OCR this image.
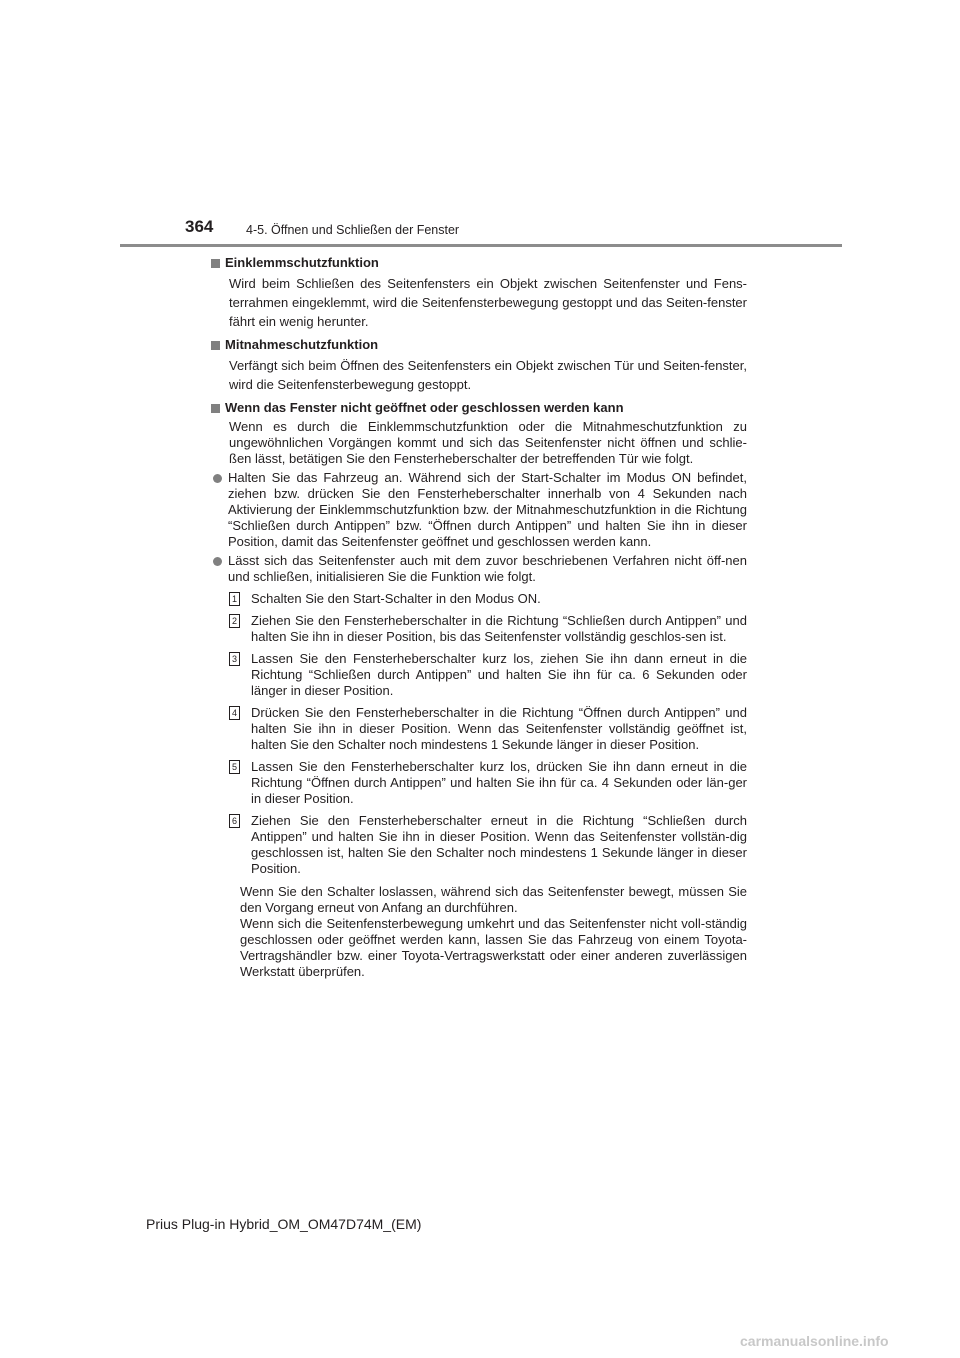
364	4-5. Öffnen und Schließen der Fenster
Einklemmschutzfunktion
Wird beim Schließen des Seitenfensters ein Objekt zwischen Seitenfenster und Fens-terrahmen eingeklemmt, wird die Seitenfensterbewegung gestoppt und das Seiten-fenster fährt ein wenig herunter.
Mitnahmeschutzfunktion
Verfängt sich beim Öffnen des Seitenfensters ein Objekt zwischen Tür und Seiten-fenster, wird die Seitenfensterbewegung gestoppt.
Wenn das Fenster nicht geöffnet oder geschlossen werden kann
Wenn es durch die Einklemmschutzfunktion oder die Mitnahmeschutzfunktion zu ungewöhnlichen Vorgängen kommt und sich das Seitenfenster nicht öffnen und schlie-ßen lässt, betätigen Sie den Fensterheberschalter der betreffenden Tür wie folgt.
Halten Sie das Fahrzeug an. Während sich der Start-Schalter im Modus ON befindet, ziehen bzw. drücken Sie den Fensterheberschalter innerhalb von 4 Sekunden nach Aktivierung der Einklemmschutzfunktion bzw. der Mitnahmeschutzfunktion in die Richtung “Schließen durch Antippen” bzw. “Öffnen durch Antippen” und halten Sie ihn in dieser Position, damit das Seitenfenster geöffnet und geschlossen werden kann.
Lässt sich das Seitenfenster auch mit dem zuvor beschriebenen Verfahren nicht öff-nen und schließen, initialisieren Sie die Funktion wie folgt.
1 Schalten Sie den Start-Schalter in den Modus ON.
2 Ziehen Sie den Fensterheberschalter in die Richtung “Schließen durch Antippen” und halten Sie ihn in dieser Position, bis das Seitenfenster vollständig geschlos-sen ist.
3 Lassen Sie den Fensterheberschalter kurz los, ziehen Sie ihn dann erneut in die Richtung “Schließen durch Antippen” und halten Sie ihn für ca. 6 Sekunden oder länger in dieser Position.
4 Drücken Sie den Fensterheberschalter in die Richtung “Öffnen durch Antippen” und halten Sie ihn in dieser Position. Wenn das Seitenfenster vollständig geöffnet ist, halten Sie den Schalter noch mindestens 1 Sekunde länger in dieser Position.
5 Lassen Sie den Fensterheberschalter kurz los, drücken Sie ihn dann erneut in die Richtung “Öffnen durch Antippen” und halten Sie ihn für ca. 4 Sekunden oder län-ger in dieser Position.
6 Ziehen Sie den Fensterheberschalter erneut in die Richtung “Schließen durch Antippen” und halten Sie ihn in dieser Position. Wenn das Seitenfenster vollstän-dig geschlossen ist, halten Sie den Schalter noch mindestens 1 Sekunde länger in dieser Position.
Wenn Sie den Schalter loslassen, während sich das Seitenfenster bewegt, müssen Sie den Vorgang erneut von Anfang an durchführen.
Wenn sich die Seitenfensterbewegung umkehrt und das Seitenfenster nicht voll-ständig geschlossen oder geöffnet werden kann, lassen Sie das Fahrzeug von einem Toyota-Vertragshändler bzw. einer Toyota-Vertragswerkstatt oder einer anderen zuverlässigen Werkstatt überprüfen.
Prius Plug-in Hybrid_OM_OM47D74M_(EM)
carmanualsonline.info
